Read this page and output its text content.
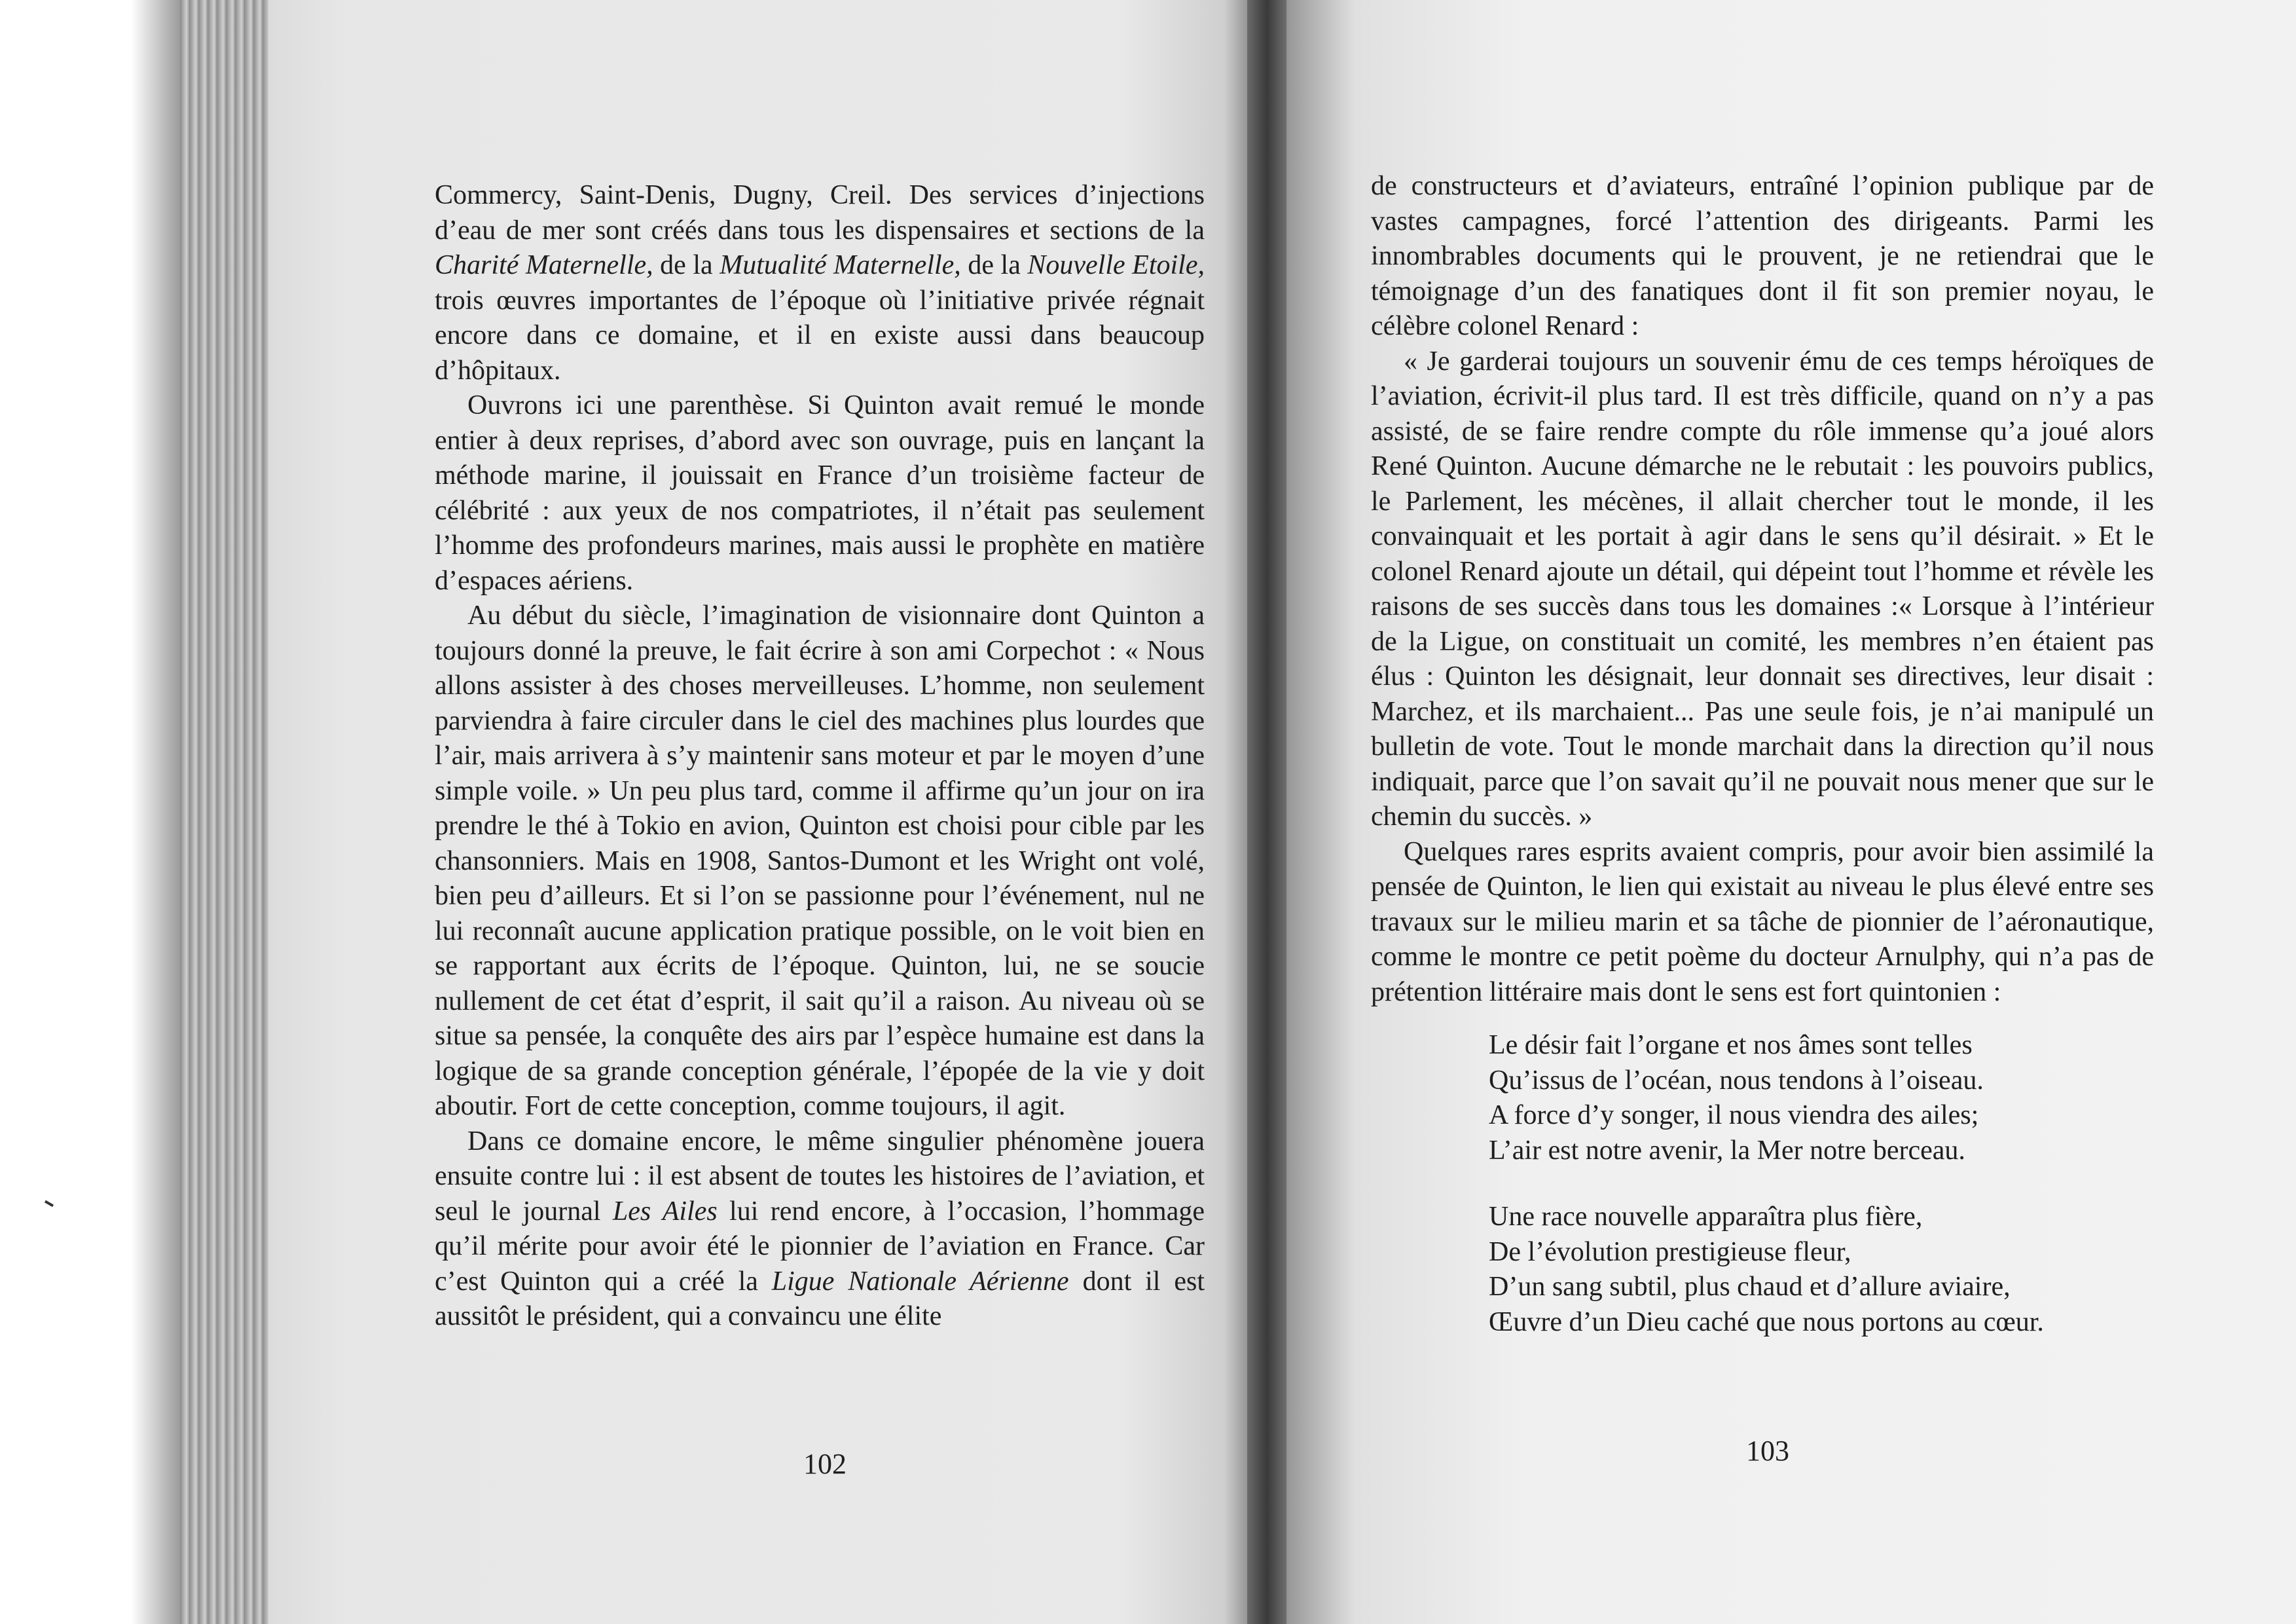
Commercy, Saint-Denis, Dugny, Creil. Des services d’injections d’eau de mer sont créés dans tous les dispensaires et sections de la Charité Maternelle, de la Mutualité Maternelle, de la Nouvelle Etoile, trois œuvres importantes de l’époque où l’initiative privée régnait encore dans ce domaine, et il en existe aussi dans beaucoup d’hôpitaux.

Ouvrons ici une parenthèse. Si Quinton avait remué le monde entier à deux reprises, d’abord avec son ouvrage, puis en lançant la méthode marine, il jouissait en France d’un troisième facteur de célébrité : aux yeux de nos compatriotes, il n’était pas seulement l’homme des profondeurs marines, mais aussi le prophète en matière d’espaces aériens.

Au début du siècle, l’imagination de visionnaire dont Quinton a toujours donné la preuve, le fait écrire à son ami Corpechot : « Nous allons assister à des choses merveilleuses. L’homme, non seulement parviendra à faire circuler dans le ciel des machines plus lourdes que l’air, mais arrivera à s’y maintenir sans moteur et par le moyen d’une simple voile. » Un peu plus tard, comme il affirme qu’un jour on ira prendre le thé à Tokio en avion, Quinton est choisi pour cible par les chansonniers. Mais en 1908, Santos-Dumont et les Wright ont volé, bien peu d’ailleurs. Et si l’on se passionne pour l’événement, nul ne lui reconnaît aucune application pratique possible, on le voit bien en se rapportant aux écrits de l’époque. Quinton, lui, ne se soucie nullement de cet état d’esprit, il sait qu’il a raison. Au niveau où se situe sa pensée, la conquête des airs par l’espèce humaine est dans la logique de sa grande conception générale, l’épopée de la vie y doit aboutir. Fort de cette conception, comme toujours, il agit.

Dans ce domaine encore, le même singulier phénomène jouera ensuite contre lui : il est absent de toutes les histoires de l’aviation, et seul le journal Les Ailes lui rend encore, à l’occasion, l’hommage qu’il mérite pour avoir été le pionnier de l’aviation en France. Car c’est Quinton qui a créé la Ligue Nationale Aérienne dont il est aussitôt le président, qui a convaincu une élite

102

de constructeurs et d’aviateurs, entraîné l’opinion publique par de vastes campagnes, forcé l’attention des dirigeants. Parmi les innombrables documents qui le prouvent, je ne retiendrai que le témoignage d’un des fanatiques dont il fit son premier noyau, le célèbre colonel Renard :

« Je garderai toujours un souvenir ému de ces temps héroïques de l’aviation, écrivit-il plus tard. Il est très difficile, quand on n’y a pas assisté, de se faire rendre compte du rôle immense qu’a joué alors René Quinton. Aucune démarche ne le rebutait : les pouvoirs publics, le Parlement, les mécènes, il allait chercher tout le monde, il les convainquait et les portait à agir dans le sens qu’il désirait. » Et le colonel Renard ajoute un détail, qui dépeint tout l’homme et révèle les raisons de ses succès dans tous les domaines :« Lorsque à l’intérieur de la Ligue, on constituait un comité, les membres n’en étaient pas élus : Quinton les désignait, leur donnait ses directives, leur disait : Marchez, et ils marchaient... Pas une seule fois, je n’ai manipulé un bulletin de vote. Tout le monde marchait dans la direction qu’il nous indiquait, parce que l’on savait qu’il ne pouvait nous mener que sur le chemin du succès. »

Quelques rares esprits avaient compris, pour avoir bien assimilé la pensée de Quinton, le lien qui existait au niveau le plus élevé entre ses travaux sur le milieu marin et sa tâche de pionnier de l’aéronautique, comme le montre ce petit poème du docteur Arnulphy, qui n’a pas de prétention littéraire mais dont le sens est fort quintonien :

Le désir fait l’organe et nos âmes sont telles
Qu’issus de l’océan, nous tendons à l’oiseau.
A force d’y songer, il nous viendra des ailes;
L’air est notre avenir, la Mer notre berceau.
Une race nouvelle apparaîtra plus fière,
De l’évolution prestigieuse fleur,
D’un sang subtil, plus chaud et d’allure aviaire,
Œuvre d’un Dieu caché que nous portons au cœur.
103
